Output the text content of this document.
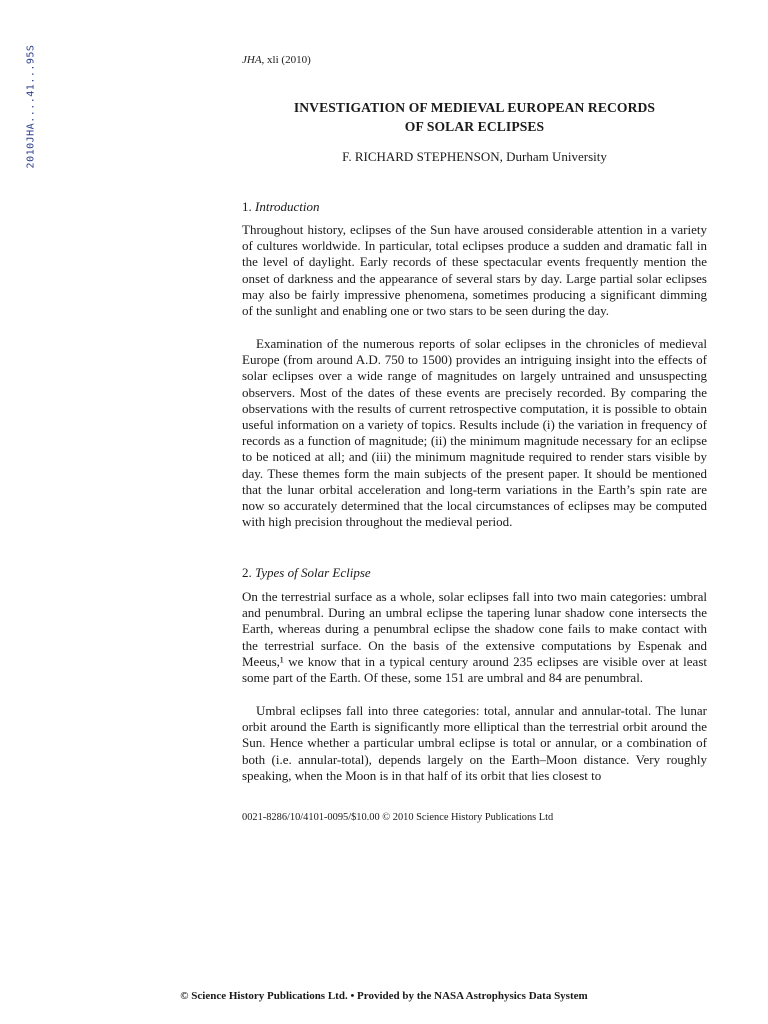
2010JHA....41...95S	JHA, xli (2010)
INVESTIGATION OF MEDIEVAL EUROPEAN RECORDS
OF SOLAR ECLIPSES
F. RICHARD STEPHENSON, Durham University
1. Introduction

Throughout history, eclipses of the Sun have aroused considerable attention in a variety of cultures worldwide. In particular, total eclipses produce a sudden and dramatic fall in the level of daylight. Early records of these spectacular events frequently mention the onset of darkness and the appearance of several stars by day. Large partial solar eclipses may also be fairly impressive phenomena, sometimes producing a significant dimming of the sunlight and enabling one or two stars to be seen during the day.

Examination of the numerous reports of solar eclipses in the chronicles of medieval Europe (from around A.D. 750 to 1500) provides an intriguing insight into the effects of solar eclipses over a wide range of magnitudes on largely untrained and unsuspecting observers. Most of the dates of these events are precisely recorded. By comparing the observations with the results of current retrospective computation, it is possible to obtain useful information on a variety of topics. Results include (i) the variation in frequency of records as a function of magnitude; (ii) the minimum magnitude necessary for an eclipse to be noticed at all; and (iii) the minimum magnitude required to render stars visible by day. These themes form the main subjects of the present paper. It should be mentioned that the lunar orbital acceleration and long-term variations in the Earth’s spin rate are now so accurately determined that the local circumstances of eclipses may be computed with high precision throughout the medieval period.

2. Types of Solar Eclipse

On the terrestrial surface as a whole, solar eclipses fall into two main categories: umbral and penumbral. During an umbral eclipse the tapering lunar shadow cone intersects the Earth, whereas during a penumbral eclipse the shadow cone fails to make contact with the terrestrial surface. On the basis of the extensive computations by Espenak and Meeus,¹ we know that in a typical century around 235 eclipses are visible over at least some part of the Earth. Of these, some 151 are umbral and 84 are penumbral.

Umbral eclipses fall into three categories: total, annular and annular-total. The lunar orbit around the Earth is significantly more elliptical than the terrestrial orbit around the Sun. Hence whether a particular umbral eclipse is total or annular, or a combination of both (i.e. annular-total), depends largely on the Earth–Moon distance. Very roughly speaking, when the Moon is in that half of its orbit that lies closest to

0021-8286/10/4101-0095/$10.00 © 2010 Science History Publications Ltd
© Science History Publications Ltd. • Provided by the NASA Astrophysics Data System
